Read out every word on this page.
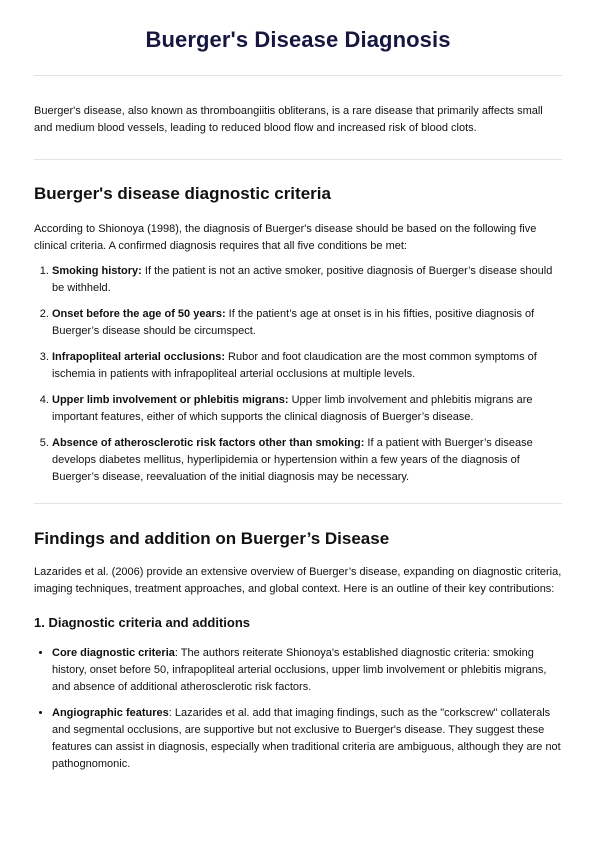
Buerger's Disease Diagnosis

Buerger's disease, also known as thromboangiitis obliterans, is a rare disease that primarily affects small and medium blood vessels, leading to reduced blood flow and increased risk of blood clots.

Buerger's disease diagnostic criteria

According to Shionoya (1998), the diagnosis of Buerger's disease should be based on the following five clinical criteria. A confirmed diagnosis requires that all five conditions be met:

1. Smoking history: If the patient is not an active smoker, positive diagnosis of Buerger’s disease should be withheld.
2. Onset before the age of 50 years: If the patient’s age at onset is in his fifties, positive diagnosis of Buerger’s disease should be circumspect.
3. Infrapopliteal arterial occlusions: Rubor and foot claudication are the most common symptoms of ischemia in patients with infrapopliteal arterial occlusions at multiple levels.
4. Upper limb involvement or phlebitis migrans: Upper limb involvement and phlebitis migrans are important features, either of which supports the clinical diagnosis of Buerger’s disease.
5. Absence of atherosclerotic risk factors other than smoking: If a patient with Buerger’s disease develops diabetes mellitus, hyperlipidemia or hypertension within a few years of the diagnosis of Buerger’s disease, reevaluation of the initial diagnosis may be necessary.
Findings and addition on Buerger’s Disease

Lazarides et al. (2006) provide an extensive overview of Buerger’s disease, expanding on diagnostic criteria, imaging techniques, treatment approaches, and global context. Here is an outline of their key contributions:

1. Diagnostic criteria and additions
• Core diagnostic criteria: The authors reiterate Shionoya's established diagnostic criteria: smoking history, onset before 50, infrapopliteal arterial occlusions, upper limb involvement or phlebitis migrans, and absence of additional atherosclerotic risk factors.
• Angiographic features: Lazarides et al. add that imaging findings, such as the "corkscrew" collaterals and segmental occlusions, are supportive but not exclusive to Buerger's disease. They suggest these features can assist in diagnosis, especially when traditional criteria are ambiguous, although they are not pathognomonic.
